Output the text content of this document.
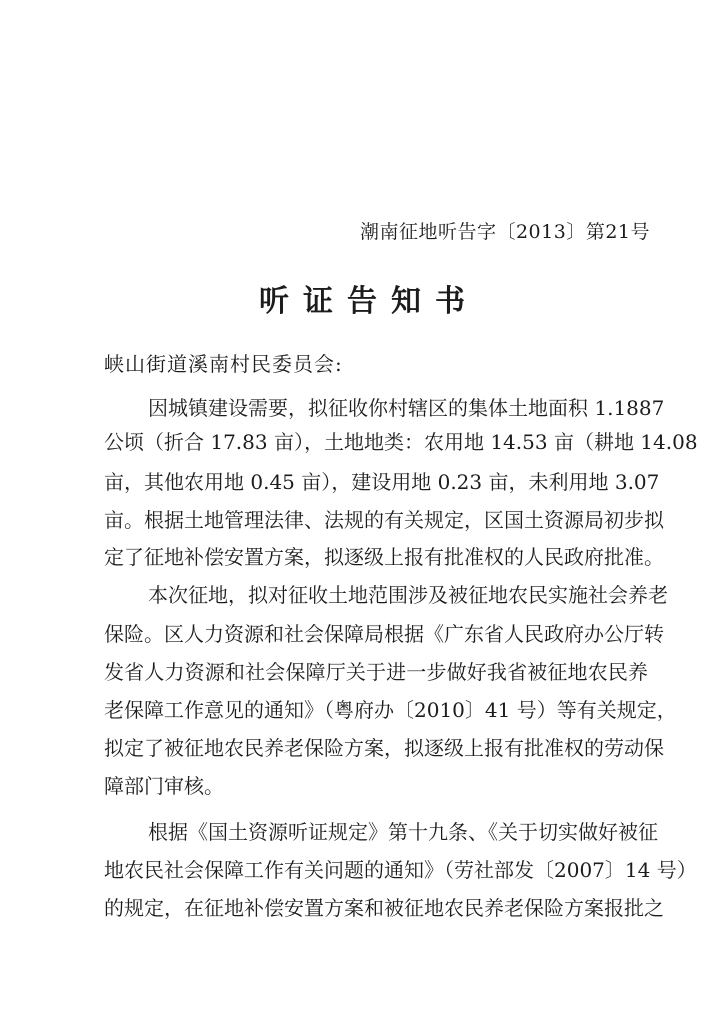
潮南征地听告字〔2013〕第21号
听证告知书
峡山街道溪南村民委员会:
因城镇建设需要，拟征收你村辖区的集体土地面积 1.1887
公顷（折合 17.83 亩），土地地类：农用地 14.53 亩（耕地 14.08
亩，其他农用地 0.45 亩），建设用地 0.23 亩，未利用地 3.07
亩。根据土地管理法律、法规的有关规定，区国土资源局初步拟
定了征地补偿安置方案，拟逐级上报有批准权的人民政府批准。
本次征地，拟对征收土地范围涉及被征地农民实施社会养老
保险。区人力资源和社会保障局根据《广东省人民政府办公厅转
发省人力资源和社会保障厅关于进一步做好我省被征地农民养
老保障工作意见的通知》（粤府办〔2010〕41 号）等有关规定，
拟定了被征地农民养老保险方案，拟逐级上报有批准权的劳动保
障部门审核。
根据《国土资源听证规定》第十九条、《关于切实做好被征
地农民社会保障工作有关问题的通知》（劳社部发〔2007〕14 号）
的规定，在征地补偿安置方案和被征地农民养老保险方案报批之
